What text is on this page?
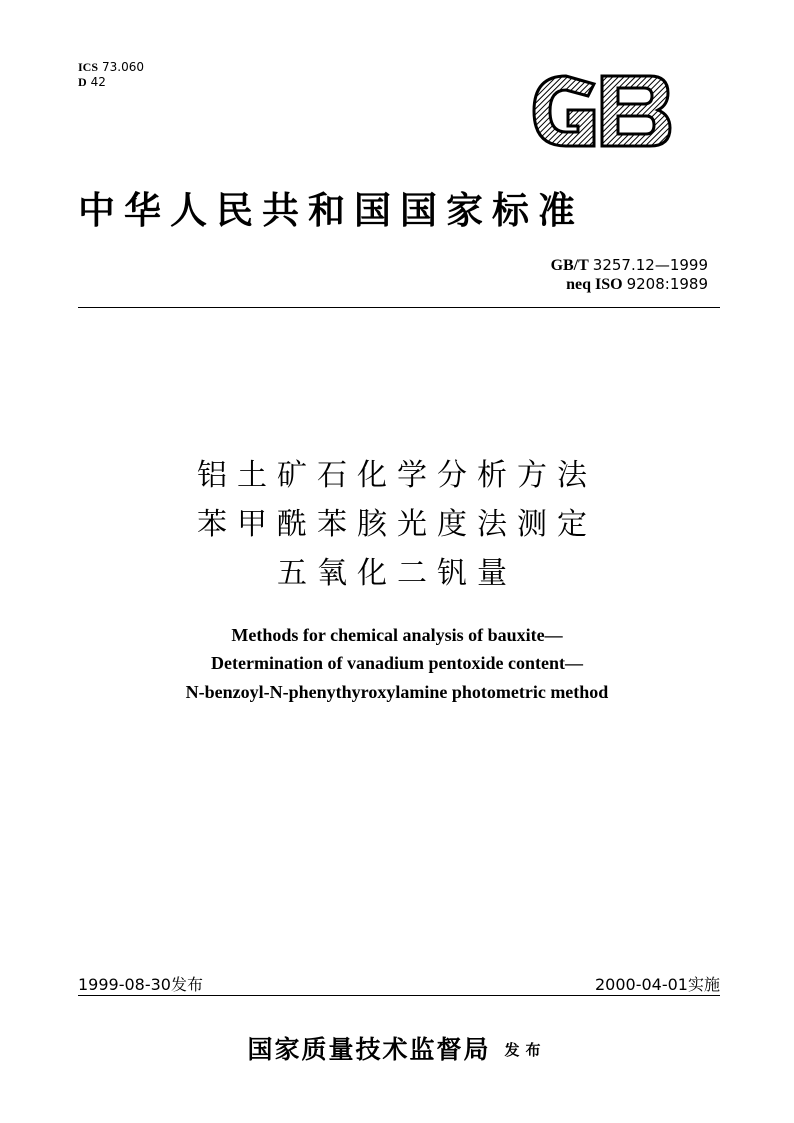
ICS 73.060
D 42
GB
中华人民共和国国家标准
GB/T 3257.12—1999
neq ISO 9208:1989
铝土矿石化学分析方法
苯甲酰苯胲光度法测定
五氧化二钒量
Methods for chemical analysis of bauxite—
Determination of vanadium pentoxide content—
N-benzoyl-N-phenythyroxylamine photometric method
1999-08-30发布	2000-04-01实施
国家质量技术监督局 发布
